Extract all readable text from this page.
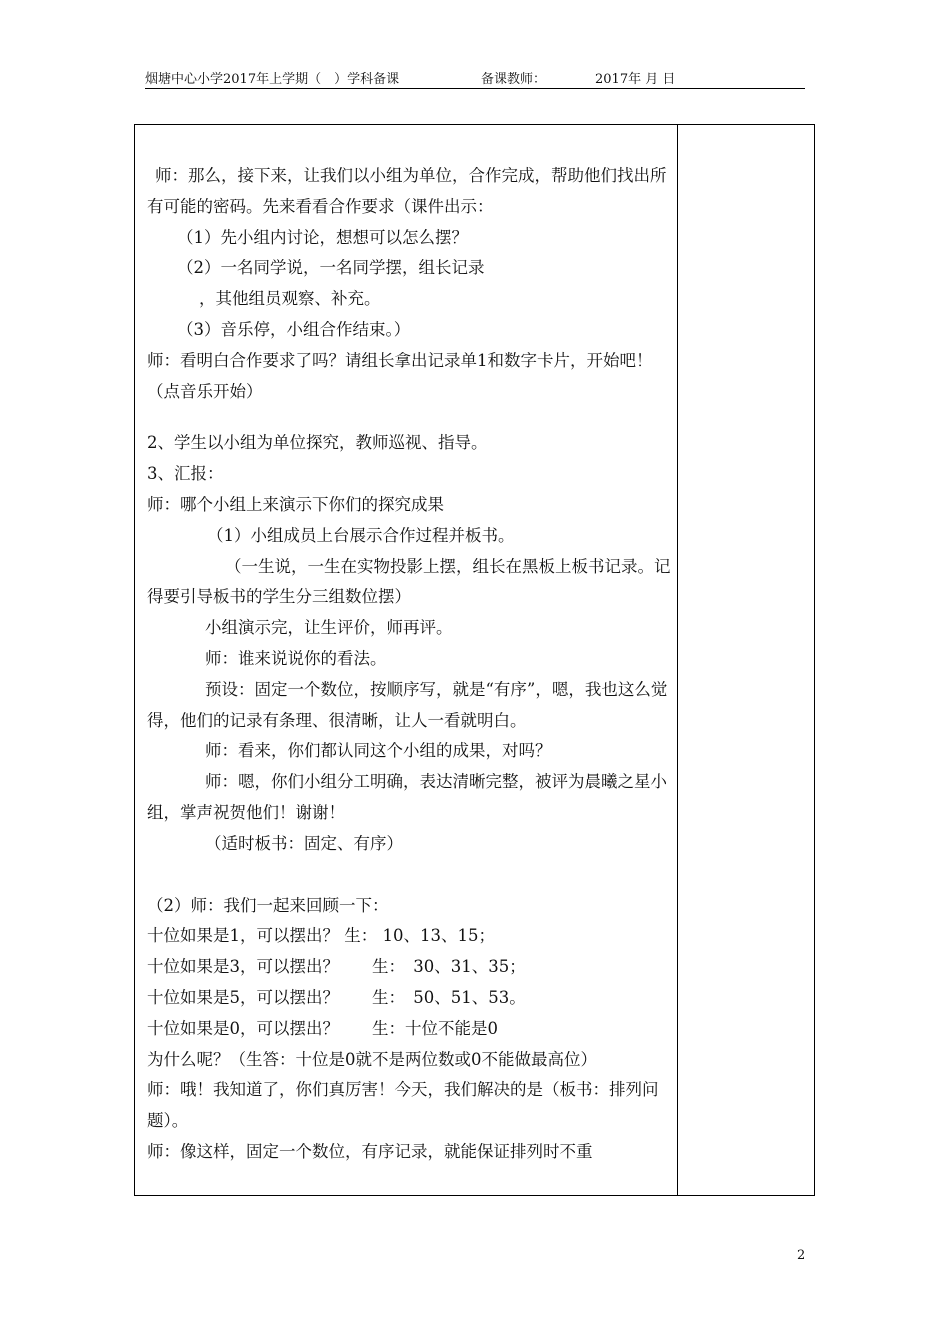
烟塘中心小学2017年上学期（　）学科备课	备课教师：	2017年 月 日

师：那么，接下来，让我们以小组为单位，合作完成，帮助他们找出所有可能的密码。先来看看合作要求（课件出示：

（1）先小组内讨论，想想可以怎么摆？

（2）一名同学说，一名同学摆，组长记录

，其他组员观察、补充。

（3）音乐停，小组合作结束。）

师：看明白合作要求了吗？请组长拿出记录单1和数字卡片，开始吧！（点音乐开始）

2、学生以小组为单位探究，教师巡视、指导。

3、汇报：

师：哪个小组上来演示下你们的探究成果

（1）小组成员上台展示合作过程并板书。

（一生说，一生在实物投影上摆，组长在黑板上板书记录。记得要引导板书的学生分三组数位摆）

小组演示完，让生评价，师再评。

师：谁来说说你的看法。

预设：固定一个数位，按顺序写，就是“有序”，嗯，我也这么觉得，他们的记录有条理、很清晰，让人一看就明白。

师：看来，你们都认同这个小组的成果，对吗？

师：嗯，你们小组分工明确，表达清晰完整，被评为晨曦之星小组，掌声祝贺他们！谢谢！

（适时板书：固定、有序）

（2）师：我们一起来回顾一下：

十位如果是1，可以摆出？ 生： 10、13、15；

十位如果是3，可以摆出？　　生：　30、31、35；

十位如果是5，可以摆出？　　生：　50、51、53。

十位如果是0，可以摆出？　　生：十位不能是0

为什么呢？（生答：十位是0就不是两位数或0不能做最高位）

师：哦！我知道了，你们真厉害！今天，我们解决的是（板书：排列问题）。

师：像这样，固定一个数位，有序记录，就能保证排列时不重

2
